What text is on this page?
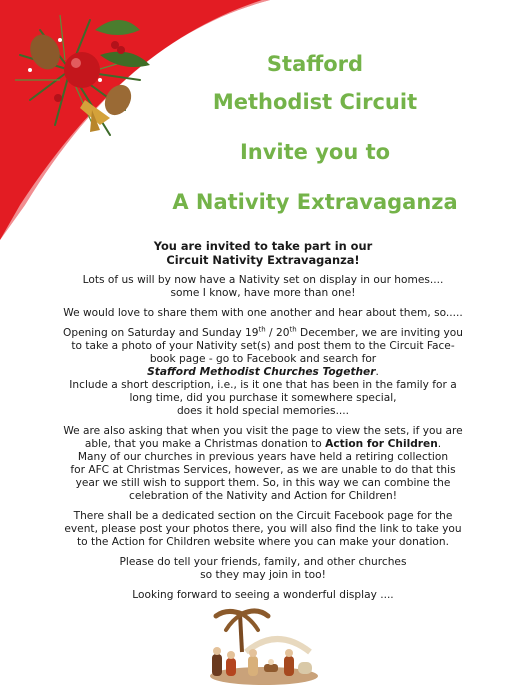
Stafford
Methodist Circuit
Invite you to
A Nativity Extravaganza

You are invited to take part in our
Circuit Nativity Extravaganza!

Lots of us will by now have a Nativity set on display in our homes....
some I know, have more than one!

We would love to share them with one another and hear about them, so.....

Opening on Saturday and Sunday 19th / 20th December, we are inviting you
to take a photo of your Nativity set(s) and post them to the Circuit Face-
book page - go to Facebook and search for
Stafford Methodist Churches Together.
Include a short description, i.e., is it one that has been in the family for a
long time, did you purchase it somewhere special,
does it hold special memories....

We are also asking that when you visit the page to view the sets, if you are
able, that you make a Christmas donation to Action for Children.
Many of our churches in previous years have held a retiring collection
for AFC at Christmas Services, however, as we are unable to do that this
year we still wish to support them. So, in this way we can combine the
celebration of the Nativity and Action for Children!

There shall be a dedicated section on the Circuit Facebook page for the
event, please post your photos there, you will also find the link to take you
to the Action for Children website where you can make your donation.

Please do tell your friends, family, and other churches
so they may join in too!

Looking forward to seeing a wonderful display ....
